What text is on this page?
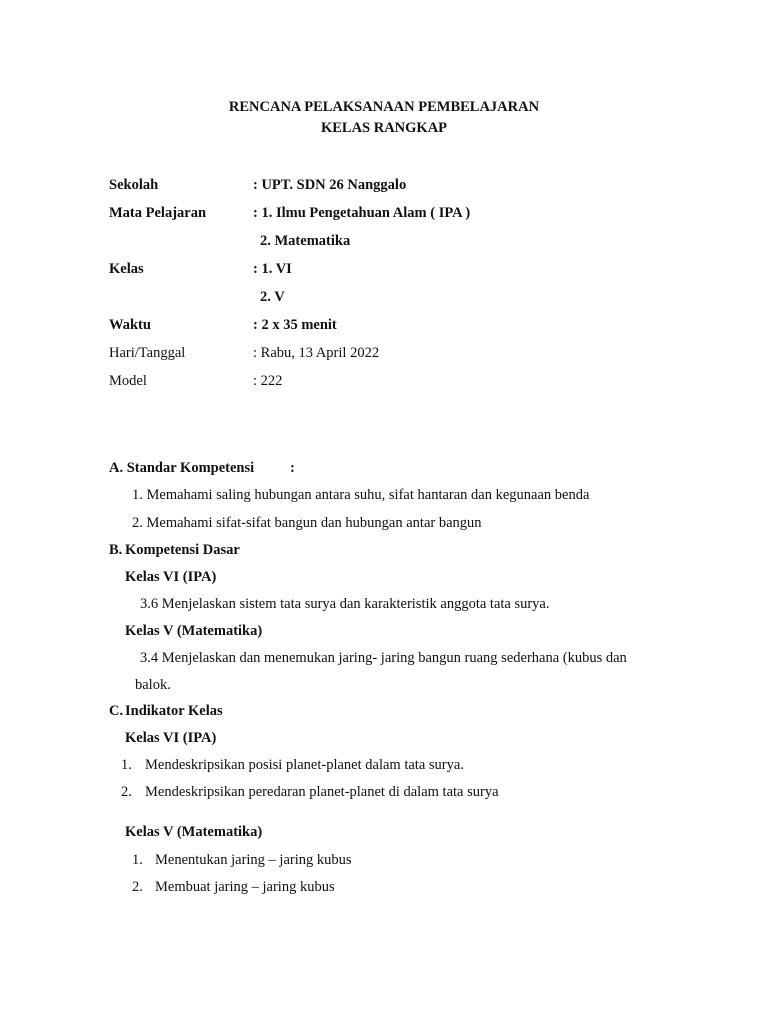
RENCANA PELAKSANAAN PEMBELAJARAN
KELAS RANGKAP
Sekolah	: UPT. SDN 26 Nanggalo
Mata Pelajaran	: 1. Ilmu Pengetahuan Alam ( IPA )
2. Matematika
Kelas	: 1. VI
2. V
Waktu	: 2 x 35 menit
Hari/Tanggal	: Rabu, 13 April 2022
Model	: 222
A. Standar Kompetensi :
1. Memahami saling hubungan antara suhu, sifat hantaran dan kegunaan benda
2. Memahami sifat-sifat bangun dan hubungan antar bangun
B. Kompetensi Dasar
Kelas VI (IPA)
3.6 Menjelaskan sistem tata surya dan karakteristik anggota tata surya.
Kelas V (Matematika)
3.4 Menjelaskan dan menemukan jaring- jaring bangun ruang sederhana (kubus dan
balok.
C. Indikator Kelas
Kelas VI (IPA)
1. Mendeskripsikan posisi planet-planet dalam tata surya.
2. Mendeskripsikan peredaran planet-planet di dalam tata surya
Kelas V (Matematika)
1. Menentukan jaring – jaring kubus
2. Membuat jaring – jaring kubus
